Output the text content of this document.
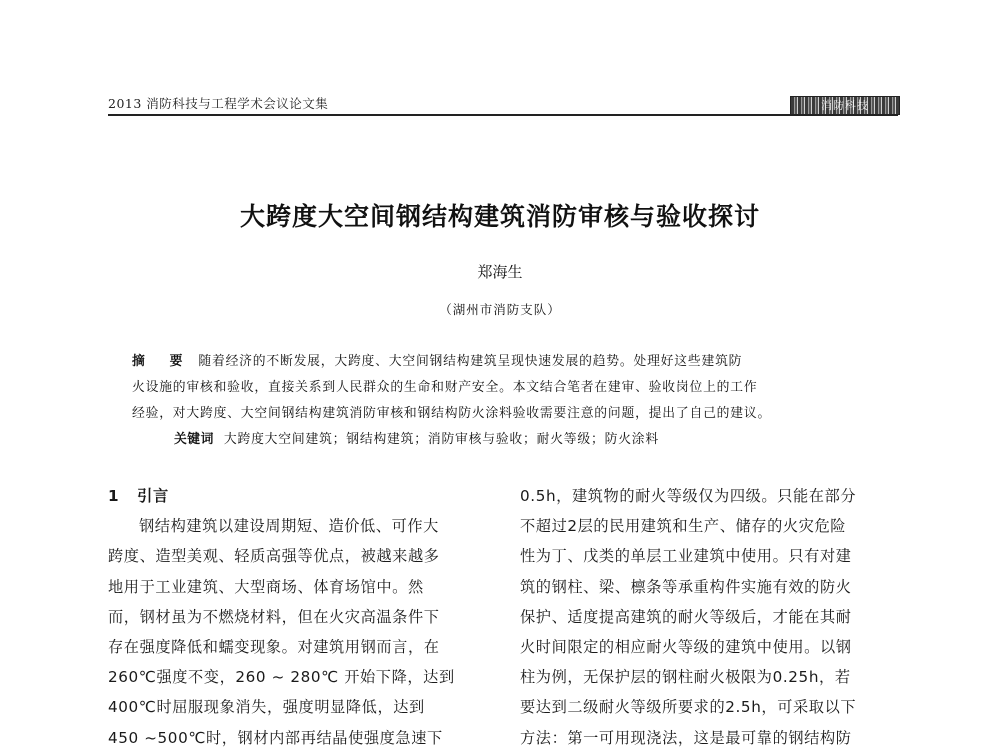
2013 消防科技与工程学术会议论文集	消防科技
大跨度大空间钢结构建筑消防审核与验收探讨
郑海生
（湖州市消防支队）
摘　要 随着经济的不断发展，大跨度、大空间钢结构建筑呈现快速发展的趋势。处理好这些建筑防
火设施的审核和验收，直接关系到人民群众的生命和财产安全。本文结合笔者在建审、验收岗位上的工作
经验，对大跨度、大空间钢结构建筑消防审核和钢结构防火涂料验收需要注意的问题，提出了自己的建议。
关键词 大跨度大空间建筑；钢结构建筑；消防审核与验收；耐火等级；防火涂料
1 引言
钢结构建筑以建设周期短、造价低、可作大
跨度、造型美观、轻质高强等优点，被越来越多
地用于工业建筑、大型商场、体育场馆中。然
而，钢材虽为不燃烧材料，但在火灾高温条件下
存在强度降低和蠕变现象。对建筑用钢而言，在
260℃强度不变，260 ~ 280℃ 开始下降，达到
400℃时屈服现象消失，强度明显降低，达到
450 ~500℃时，钢材内部再结晶使强度急速下
0.5h，建筑物的耐火等级仅为四级。只能在部分
不超过2层的民用建筑和生产、储存的火灾危险
性为丁、戊类的单层工业建筑中使用。只有对建
筑的钢柱、梁、檩条等承重构件实施有效的防火
保护、适度提高建筑的耐火等级后，才能在其耐
火时间限定的相应耐火等级的建筑中使用。以钢
柱为例，无保护层的钢柱耐火极限为0.25h，若
要达到二级耐火等级所要求的2.5h，可采取以下
方法：第一可用现浇法，这是最可靠的钢结构防
